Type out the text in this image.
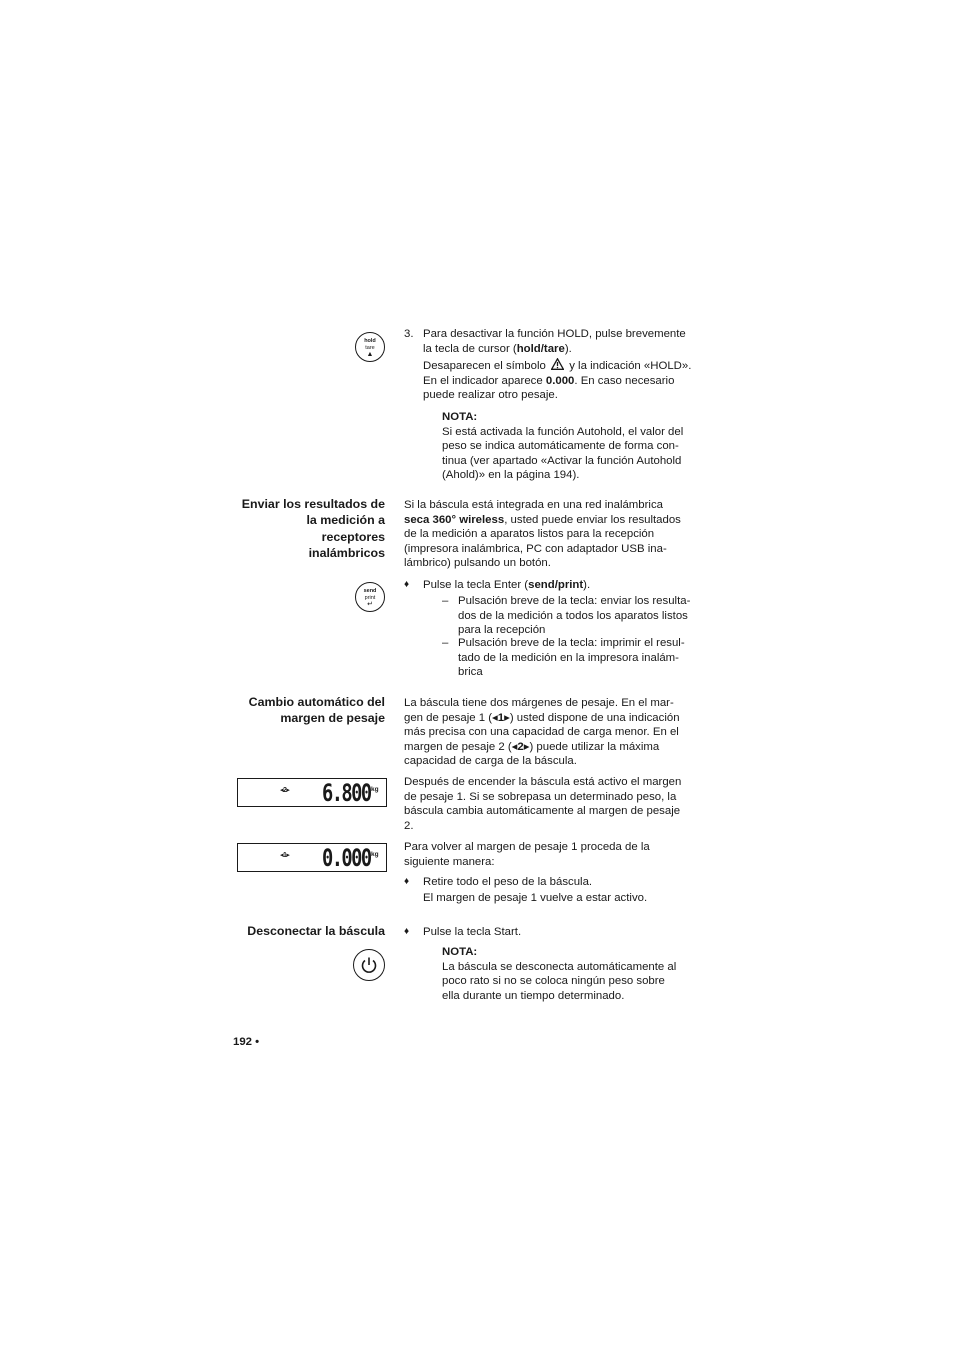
hold
tare
▲
3. Para desactivar la función HOLD, pulse brevemente
la tecla de cursor (hold/tare).
Desaparecen el símbolo y la indicación «HOLD».
En el indicador aparece 0.000. En caso necesario
puede realizar otro pesaje.
NOTA:
Si está activada la función Autohold, el valor del
peso se indica automáticamente de forma con-
tinua (ver apartado «Activar la función Autohold
(Ahold)» en la página 194).
Enviar los resultados de
la medición a
receptores
inalámbricos
Si la báscula está integrada en una red inalámbrica
seca 360° wireless, usted puede enviar los resultados
de la medición a aparatos listos para la recepción
(impresora inalámbrica, PC con adaptador USB ina-
lámbrico) pulsando un botón.
send
print
↵
♦ Pulse la tecla Enter (send/print).
– Pulsación breve de la tecla: enviar los resulta-
dos de la medición a todos los aparatos listos
para la recepción
– Pulsación breve de la tecla: imprimir el resul-
tado de la medición en la impresora inalám-
brica
Cambio automático del
margen de pesaje
La báscula tiene dos márgenes de pesaje. En el mar-
gen de pesaje 1 (◂1▸) usted dispone de una indicación
más precisa con una capacidad de carga menor. En el
margen de pesaje 2 (◂2▸) puede utilizar la máxima
capacidad de carga de la báscula.
◂2▸ 6.800 kg
Después de encender la báscula está activo el margen
de pesaje 1. Si se sobrepasa un determinado peso, la
báscula cambia automáticamente al margen de pesaje
2.
◂1▸ 0.000 kg
Para volver al margen de pesaje 1 proceda de la
siguiente manera:
♦ Retire todo el peso de la báscula.
El margen de pesaje 1 vuelve a estar activo.
Desconectar la báscula ♦ Pulse la tecla Start.
NOTA:
La báscula se desconecta automáticamente al
poco rato si no se coloca ningún peso sobre
ella durante un tiempo determinado.
192 •
